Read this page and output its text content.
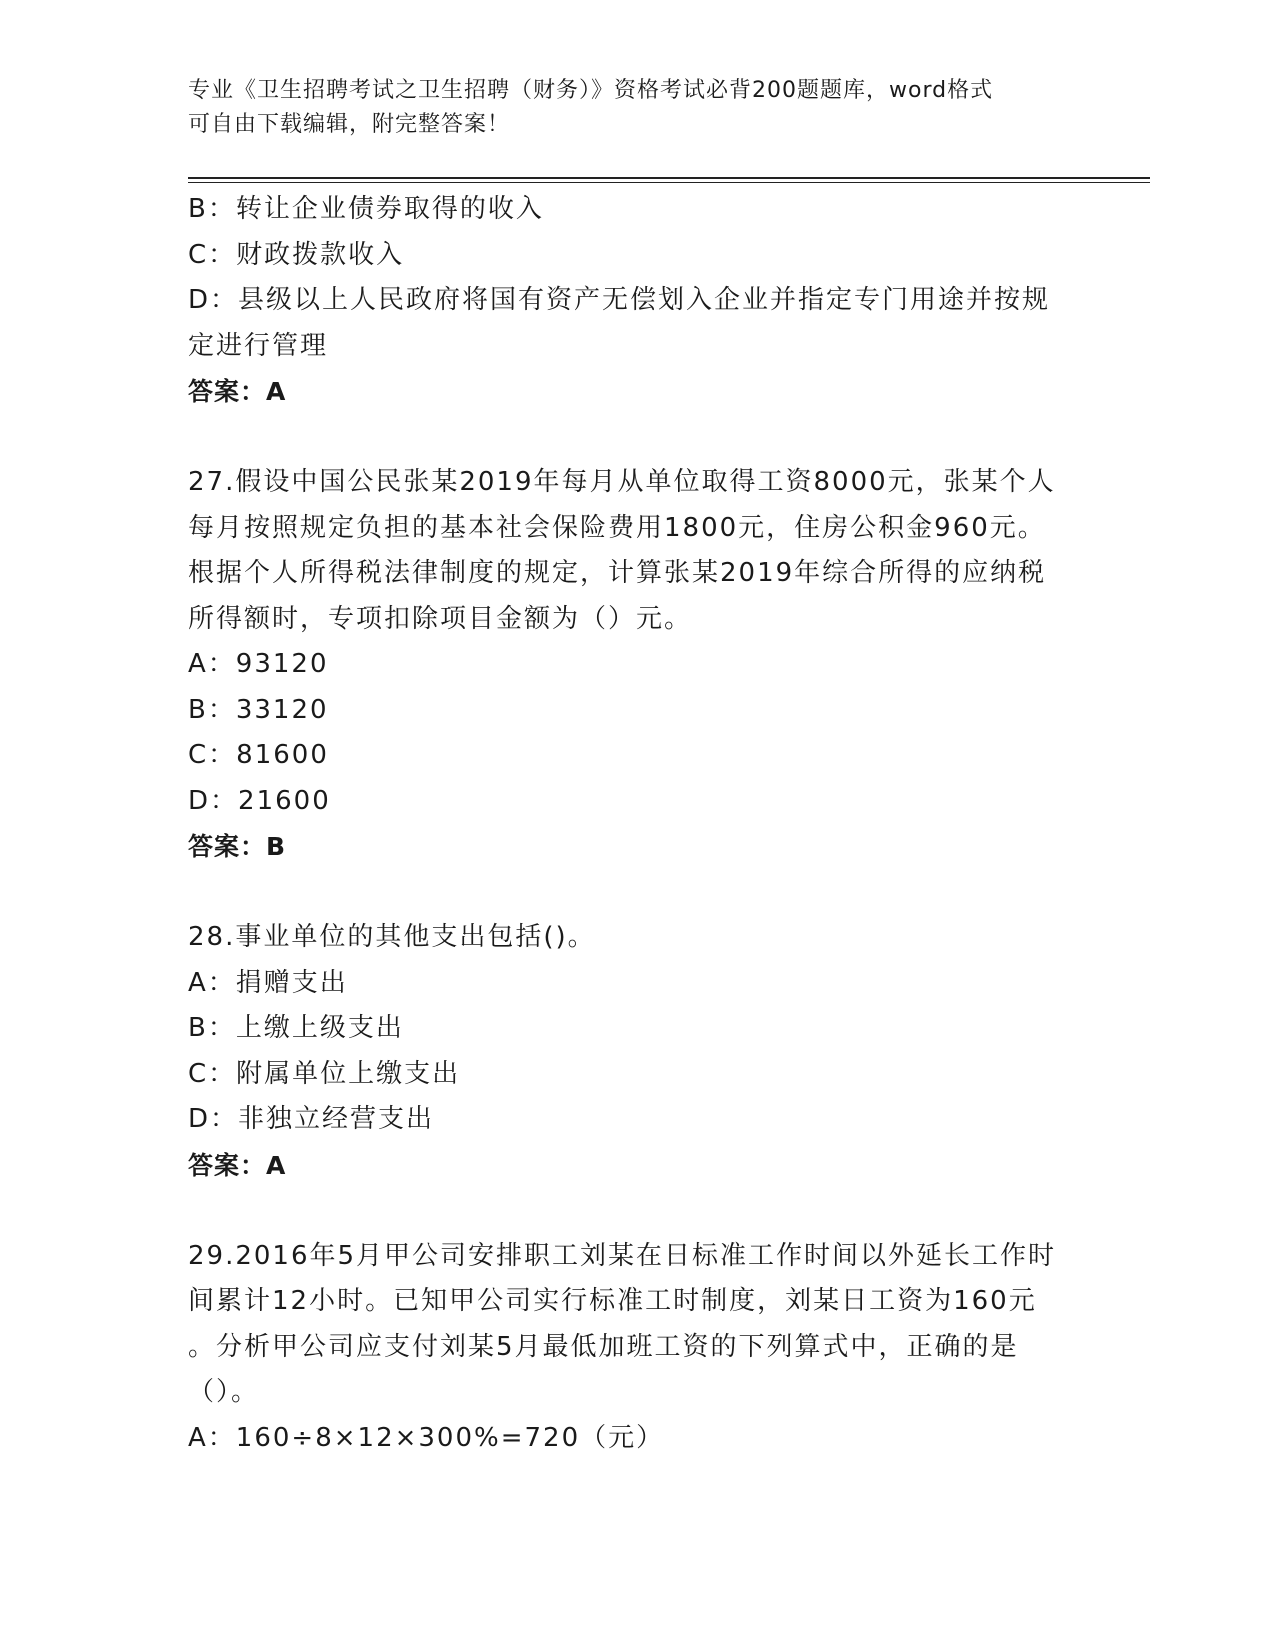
专业《卫生招聘考试之卫生招聘（财务）》资格考试必背200题题库，word格式

可自由下载编辑，附完整答案！

B：转让企业债券取得的收入

C：财政拨款收入

D：县级以上人民政府将国有资产无偿划入企业并指定专门用途并按规

定进行管理

答案：A

27.假设中国公民张某2019年每月从单位取得工资8000元，张某个人

每月按照规定负担的基本社会保险费用1800元，住房公积金960元。

根据个人所得税法律制度的规定，计算张某2019年综合所得的应纳税

所得额时，专项扣除项目金额为（）元。

A：93120

B：33120

C：81600

D：21600

答案：B

28.事业单位的其他支出包括()。

A：捐赠支出

B：上缴上级支出

C：附属单位上缴支出

D：非独立经营支出

答案：A

29.2016年5月甲公司安排职工刘某在日标准工作时间以外延长工作时

间累计12小时。已知甲公司实行标准工时制度，刘某日工资为160元

。分析甲公司应支付刘某5月最低加班工资的下列算式中，正确的是

（）。

A：160÷8×12×300%=720（元）
